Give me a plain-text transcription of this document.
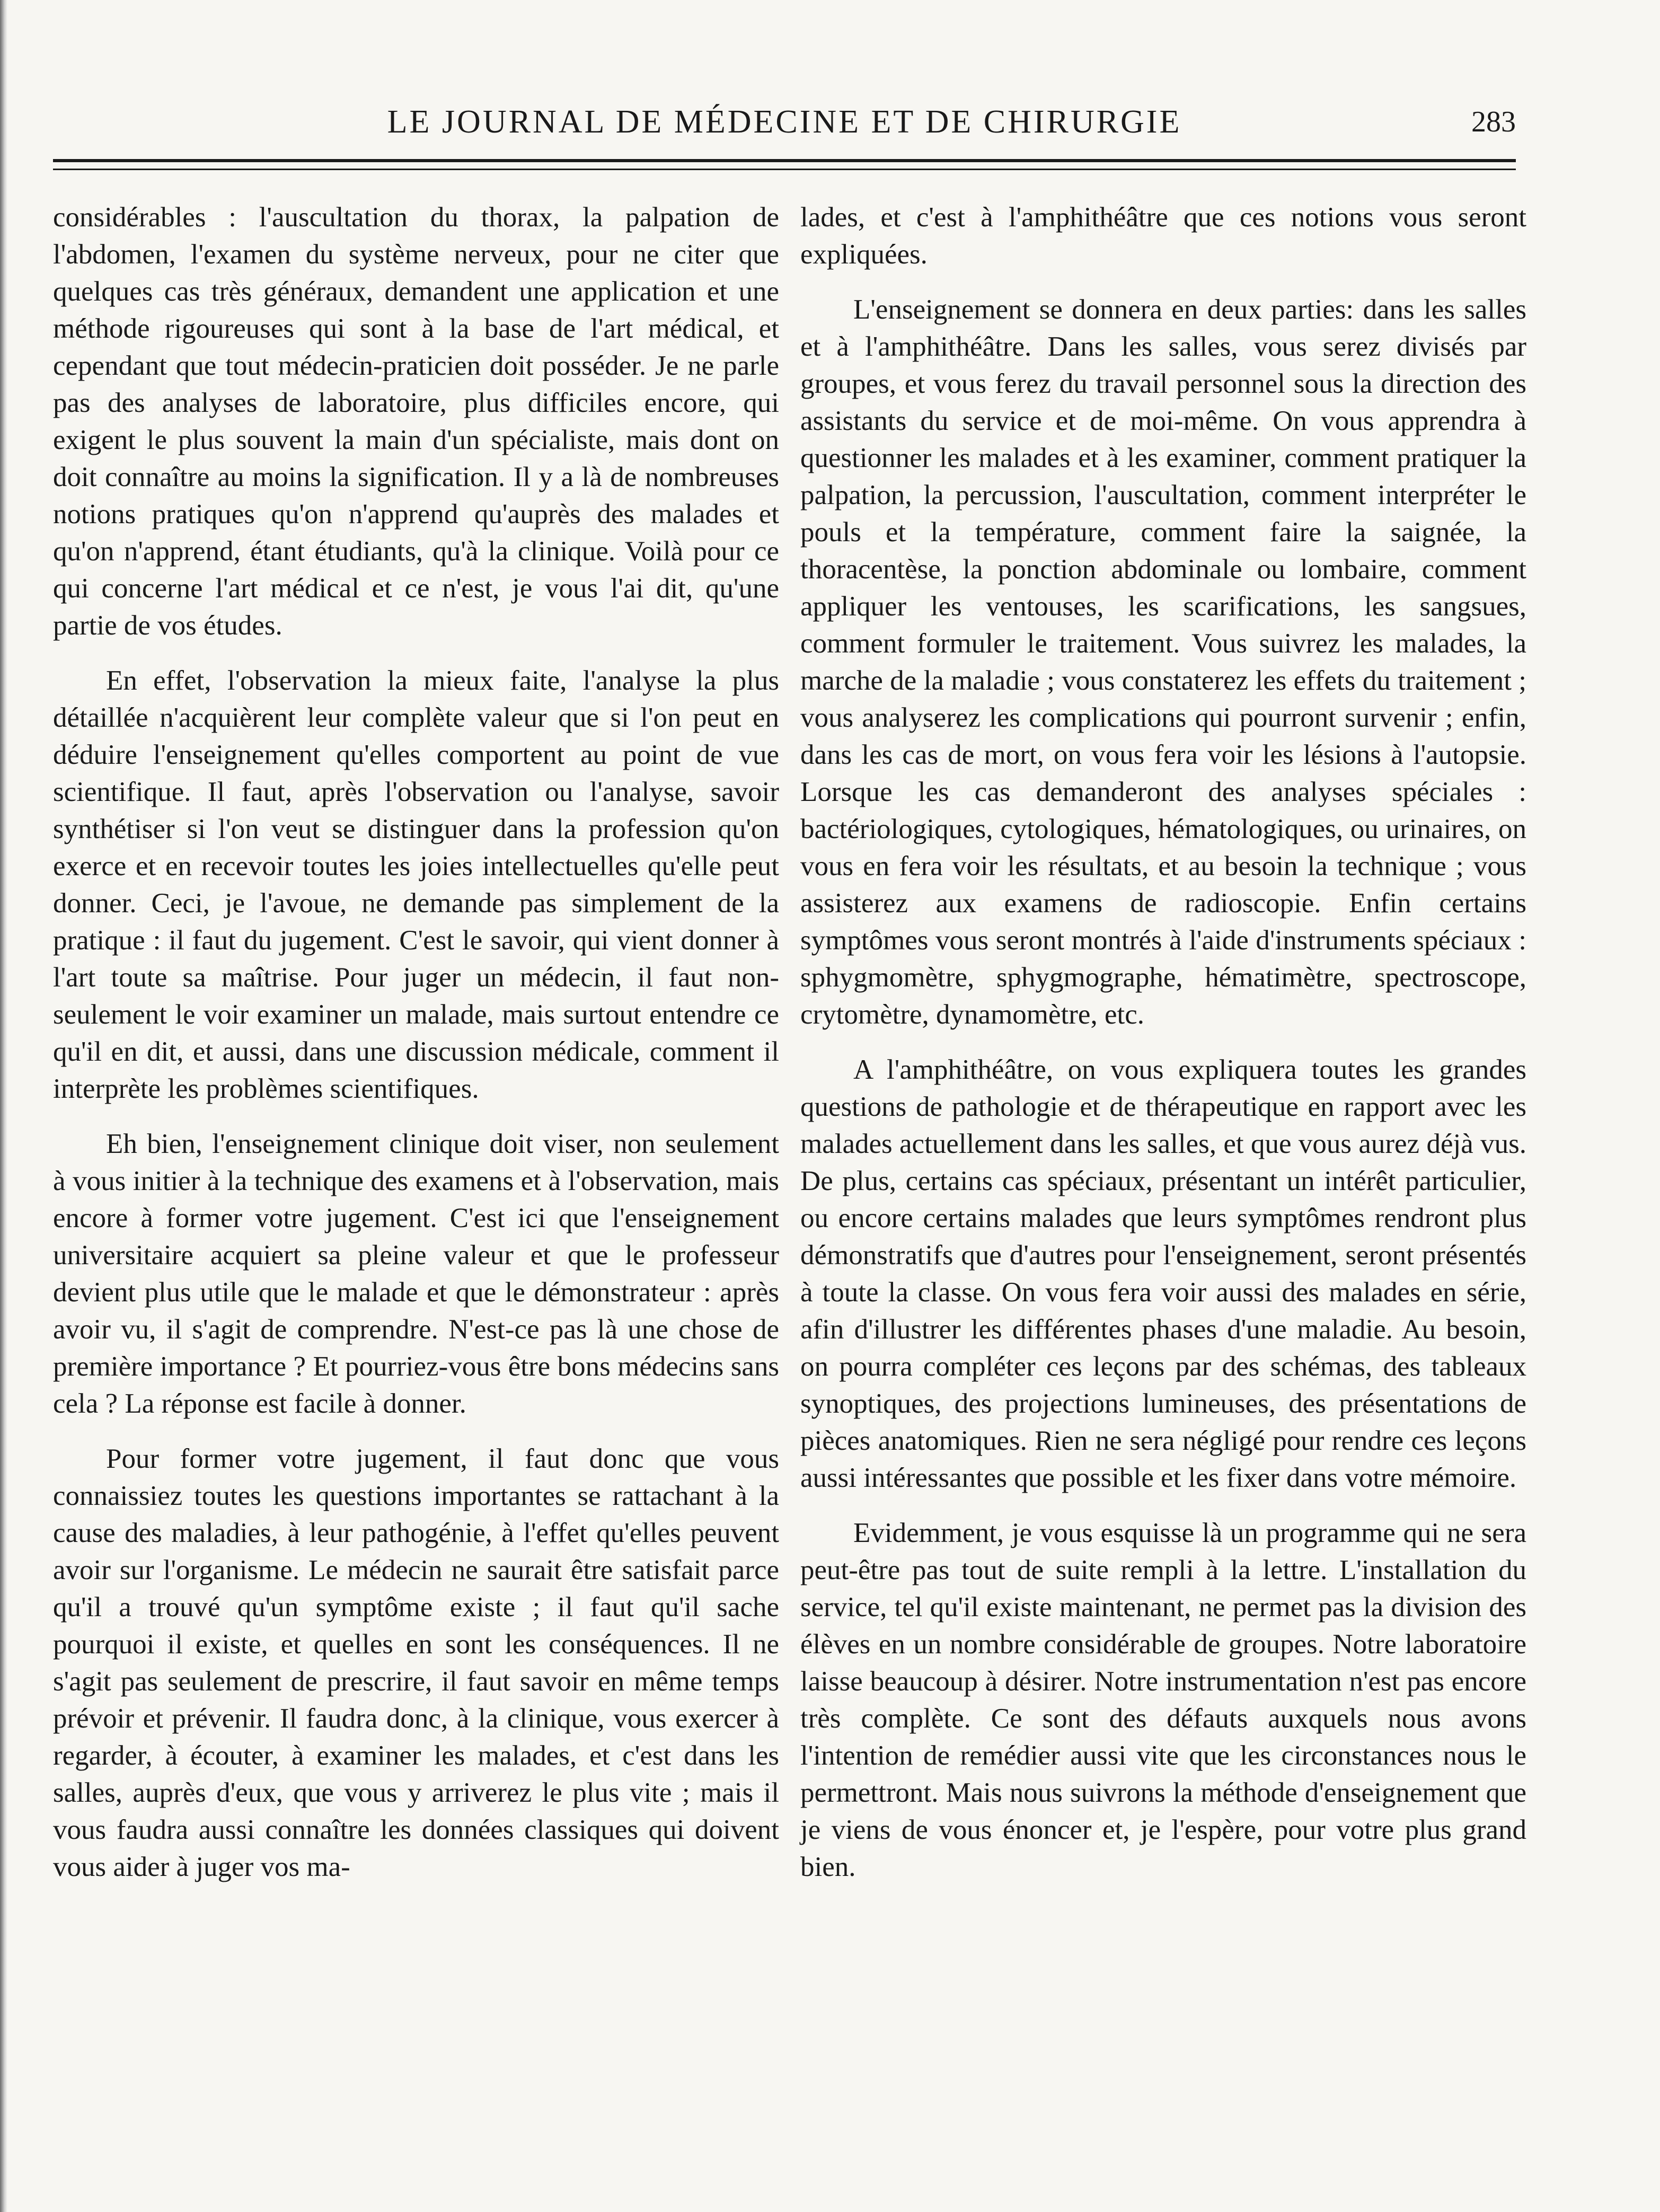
LE JOURNAL DE MÉDECINE ET DE CHIRURGIE	283

considérables : l'auscultation du thorax, la palpation de l'abdomen, l'examen du système nerveux, pour ne citer que quelques cas très généraux, demandent une application et une méthode rigoureuses qui sont à la base de l'art médical, et cependant que tout médecin-praticien doit posséder. Je ne parle pas des analyses de laboratoire, plus difficiles encore, qui exigent le plus souvent la main d'un spécialiste, mais dont on doit connaître au moins la signification. Il y a là de nombreuses notions pratiques qu'on n'apprend qu'auprès des malades et qu'on n'apprend, étant étudiants, qu'à la clinique. Voilà pour ce qui concerne l'art médical et ce n'est, je vous l'ai dit, qu'une partie de vos études.

En effet, l'observation la mieux faite, l'analyse la plus détaillée n'acquièrent leur complète valeur que si l'on peut en déduire l'enseignement qu'elles comportent au point de vue scientifique. Il faut, après l'observation ou l'analyse, savoir synthétiser si l'on veut se distinguer dans la profession qu'on exerce et en recevoir toutes les joies intellectuelles qu'elle peut donner. Ceci, je l'avoue, ne demande pas simplement de la pratique : il faut du jugement. C'est le savoir, qui vient donner à l'art toute sa maîtrise. Pour juger un médecin, il faut non-seulement le voir examiner un malade, mais surtout entendre ce qu'il en dit, et aussi, dans une discussion médicale, comment il interprète les problèmes scientifiques.

Eh bien, l'enseignement clinique doit viser, non seulement à vous initier à la technique des examens et à l'observation, mais encore à former votre jugement. C'est ici que l'enseignement universitaire acquiert sa pleine valeur et que le professeur devient plus utile que le malade et que le démonstrateur : après avoir vu, il s'agit de comprendre. N'est-ce pas là une chose de première importance ? Et pourriez-vous être bons médecins sans cela ? La réponse est facile à donner.

Pour former votre jugement, il faut donc que vous connaissiez toutes les questions importantes se rattachant à la cause des maladies, à leur pathogénie, à l'effet qu'elles peuvent avoir sur l'organisme. Le médecin ne saurait être satisfait parce qu'il a trouvé qu'un symptôme existe ; il faut qu'il sache pourquoi il existe, et quelles en sont les conséquences. Il ne s'agit pas seulement de prescrire, il faut savoir en même temps prévoir et prévenir. Il faudra donc, à la clinique, vous exercer à regarder, à écouter, à examiner les malades, et c'est dans les salles, auprès d'eux, que vous y arriverez le plus vite ; mais il vous faudra aussi connaître les données classiques qui doivent vous aider à juger vos ma-

lades, et c'est à l'amphithéâtre que ces notions vous seront expliquées.

L'enseignement se donnera en deux parties: dans les salles et à l'amphithéâtre. Dans les salles, vous serez divisés par groupes, et vous ferez du travail personnel sous la direction des assistants du service et de moi-même. On vous apprendra à questionner les malades et à les examiner, comment pratiquer la palpation, la percussion, l'auscultation, comment interpréter le pouls et la température, comment faire la saignée, la thoracentèse, la ponction abdominale ou lombaire, comment appliquer les ventouses, les scarifications, les sangsues, comment formuler le traitement. Vous suivrez les malades, la marche de la maladie ; vous constaterez les effets du traitement ; vous analyserez les complications qui pourront survenir ; enfin, dans les cas de mort, on vous fera voir les lésions à l'autopsie. Lorsque les cas demanderont des analyses spéciales : bactériologiques, cytologiques, hématologiques, ou urinaires, on vous en fera voir les résultats, et au besoin la technique ; vous assisterez aux examens de radioscopie. Enfin certains symptômes vous seront montrés à l'aide d'instruments spéciaux : sphygmomètre, sphygmographe, hématimètre, spectroscope, crytomètre, dynamomètre, etc.

A l'amphithéâtre, on vous expliquera toutes les grandes questions de pathologie et de thérapeutique en rapport avec les malades actuellement dans les salles, et que vous aurez déjà vus. De plus, certains cas spéciaux, présentant un intérêt particulier, ou encore certains malades que leurs symptômes rendront plus démonstratifs que d'autres pour l'enseignement, seront présentés à toute la classe. On vous fera voir aussi des malades en série, afin d'illustrer les différentes phases d'une maladie. Au besoin, on pourra compléter ces leçons par des schémas, des tableaux synoptiques, des projections lumineuses, des présentations de pièces anatomiques. Rien ne sera négligé pour rendre ces leçons aussi intéressantes que possible et les fixer dans votre mémoire.

Evidemment, je vous esquisse là un programme qui ne sera peut-être pas tout de suite rempli à la lettre. L'installation du service, tel qu'il existe maintenant, ne permet pas la division des élèves en un nombre considérable de groupes. Notre laboratoire laisse beaucoup à désirer. Notre instrumentation n'est pas encore très complète. Ce sont des défauts auxquels nous avons l'intention de remédier aussi vite que les circonstances nous le permettront. Mais nous suivrons la méthode d'enseignement que je viens de vous énoncer et, je l'espère, pour votre plus grand bien.
